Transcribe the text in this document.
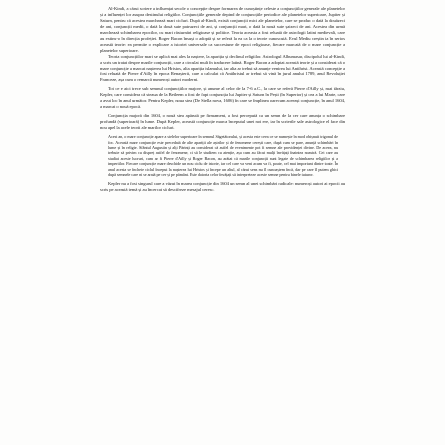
Al-Kindi, a cărui scriere a influențat secole o concepție despre formarea de cunoștințe celeste a conjuncțiilor generale ale planetelor și a influenței lor asupra destinului religiilor. Conjuncțiile generale depind de conjuncțiile periodice ale planetelor superioare, Jupiter și Saturn, pentru că acestea marchează mari cicluri. După al-Kindi, există conjuncții mici ale planetelor, care se produc o dată la douăzeci de ani, conjuncții medii, o dată la două sute patruzeci de ani, și conjuncții mari, o dată la nouă sute șaizeci de ani. Acestea din urmă marchează schimbarea epocilor, cu mari răsturnări religioase și politice. Teoria aceasta a fost reluată de astrologii latini medievali, care au extins-o în direcția profeției. Roger Bacon însuși o adoptă și se referă la ea ca la o teorie cunoscută. Evul Mediu creștin ia în serios această teorie: ea permite o explicare a istoriei universale ca succesiune de epoci religioase, fiecare marcată de o mare conjuncție a planetelor superioare.

Teoria conjuncțiilor mari se aplică mai ales la naștere, la apariția și declinul religiilor. Astrologul Albumasar, discipolul lui al-Kindi, a scris un tratat despre marile conjuncții, care a circulat mult în traducere latină. Roger Bacon a adoptat această teorie și a considerat că o mare conjuncție a marcat nașterea lui Hristos, alta apariția islamului, iar alta ar trebui să anunțe venirea lui Antihrist. Această concepție a fost reluată de Pierre d'Ailly în epoca Renașterii, care a calculat că Antihristul ar trebui să vină în jurul anului 1789, anul Revoluției Franceze, așa cum o remarcă numeroși autori moderni.

Tot ce e aici trece sub semnul conjuncțiilor majore, și anume al celor de la 7-6 a.C., la care se referă Pierre d'Ailly și, mai târziu, Kepler, care considera că steaua de la Betleem a fost de fapt conjuncția lui Jupiter și Saturn în Pești (în Superior) și cea a lui Marte, care a avut loc în anul următor. Pentru Kepler, noua stea (De Stella nova, 1606) în care se împlinea oarecum aceeași conjuncție, în anul 1604, a marcat o nouă epocă.

Conjuncția majoră din 1604, o nouă stea apărută pe firmament, a fost percepută ca un semn de la cer care anunța o schimbare profundă (superioară) în lume. După Kepler, această conjuncție marca începutul unei noi ere, iar în scrierile sale astrologice el face din nou apel la acele teorii ale marilor cicluri.

Acest an, o mare conjuncție apare a stelelor superioare în semnul Săgetătorului, și acesta este ceea ce se numește în mod obișnuit trigonul de foc. Această mare conjuncție este precedată de alte apariții ale aștrilor și de fenomene cerești care, după cum se pare, anunță schimbări în lume și în religie. Sfântul Augustin și alți Părinți au considerat că astfel de evenimente pot fi semne ale providenței divine. De aceea, nu trebuie să privim cu dispreț astfel de fenomene, ci să le studiem cu atenție, așa cum au făcut mulți învățați înaintea noastră. Cei care au studiat aceste lucruri, cum ar fi Pierre d'Ailly și Roger Bacon, au arătat că marile conjuncții sunt legate de schimbarea religiilor și a imperiilor. Fiecare conjuncție mare deschide un nou ciclu de istorie, iar cel care va veni acum va fi, poate, cel mai important dintre toate. În anul acesta se încheie ciclul început la nașterea lui Hristos și începe un altul, al cărui sens nu îl cunoaștem încă, dar pe care îl putem ghici după semnele care ni se arată pe cer și pe pământ. Este datoria celor învățați să interpreteze aceste semne pentru binele tuturor.

Kepler nu a fost singurul care a văzut în marea conjuncție din 1604 un semn al unei schimbări radicale: numeroși autori ai epocii au scris pe această temă și au încercat să descifreze mesajul ceresc.
